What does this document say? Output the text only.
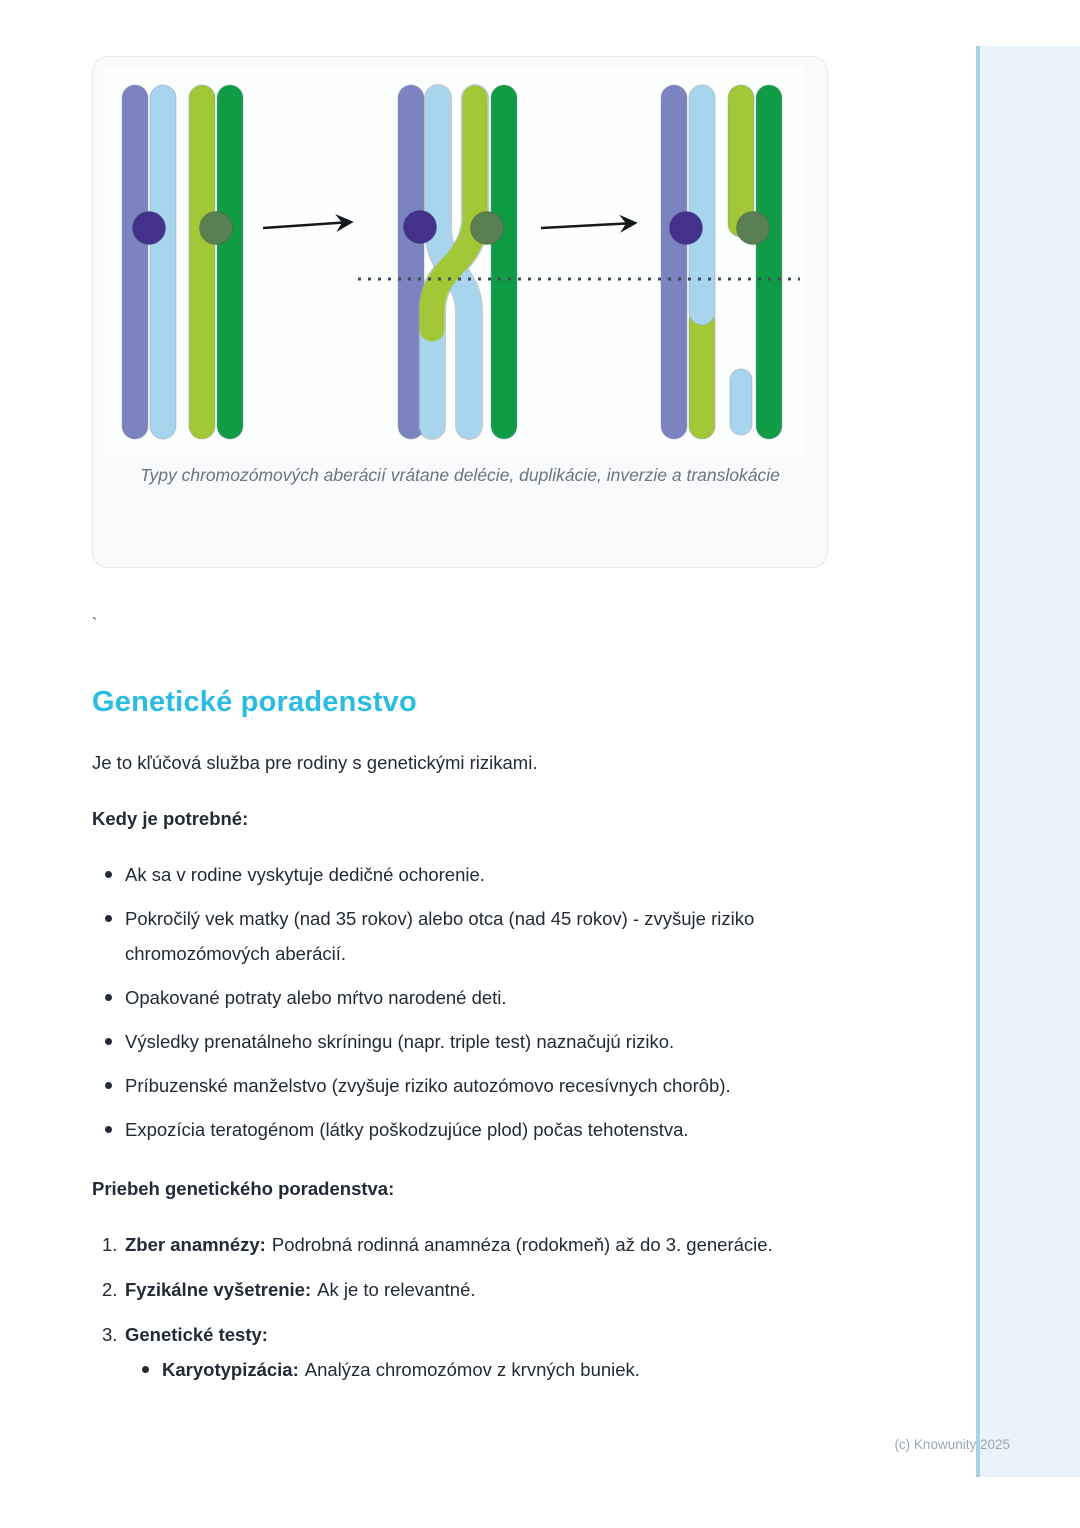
Typy chromozómových aberácií vrátane delécie, duplikácie, inverzie a translokácie
`
Genetické poradenstvo

Je to kľúčová služba pre rodiny s genetickými rizikami.

Kedy je potrebné:

Ak sa v rodine vyskytuje dedičné ochorenie.
Pokročilý vek matky (nad 35 rokov) alebo otca (nad 45 rokov) - zvyšuje riziko chromozómových aberácií.
Opakované potraty alebo mŕtvo narodené deti.
Výsledky prenatálneho skríningu (napr. triple test) naznačujú riziko.
Príbuzenské manželstvo (zvyšuje riziko autozómovo recesívnych chorôb).
Expozícia teratogénom (látky poškodzujúce plod) počas tehotenstva.

Priebeh genetického poradenstva:

Zber anamnézy: Podrobná rodinná anamnéza (rodokmeň) až do 3. generácie.
Fyzikálne vyšetrenie: Ak je to relevantné.
Genetické testy:
Karyotypizácia: Analýza chromozómov z krvných buniek.
(c) Knowunity 2025
